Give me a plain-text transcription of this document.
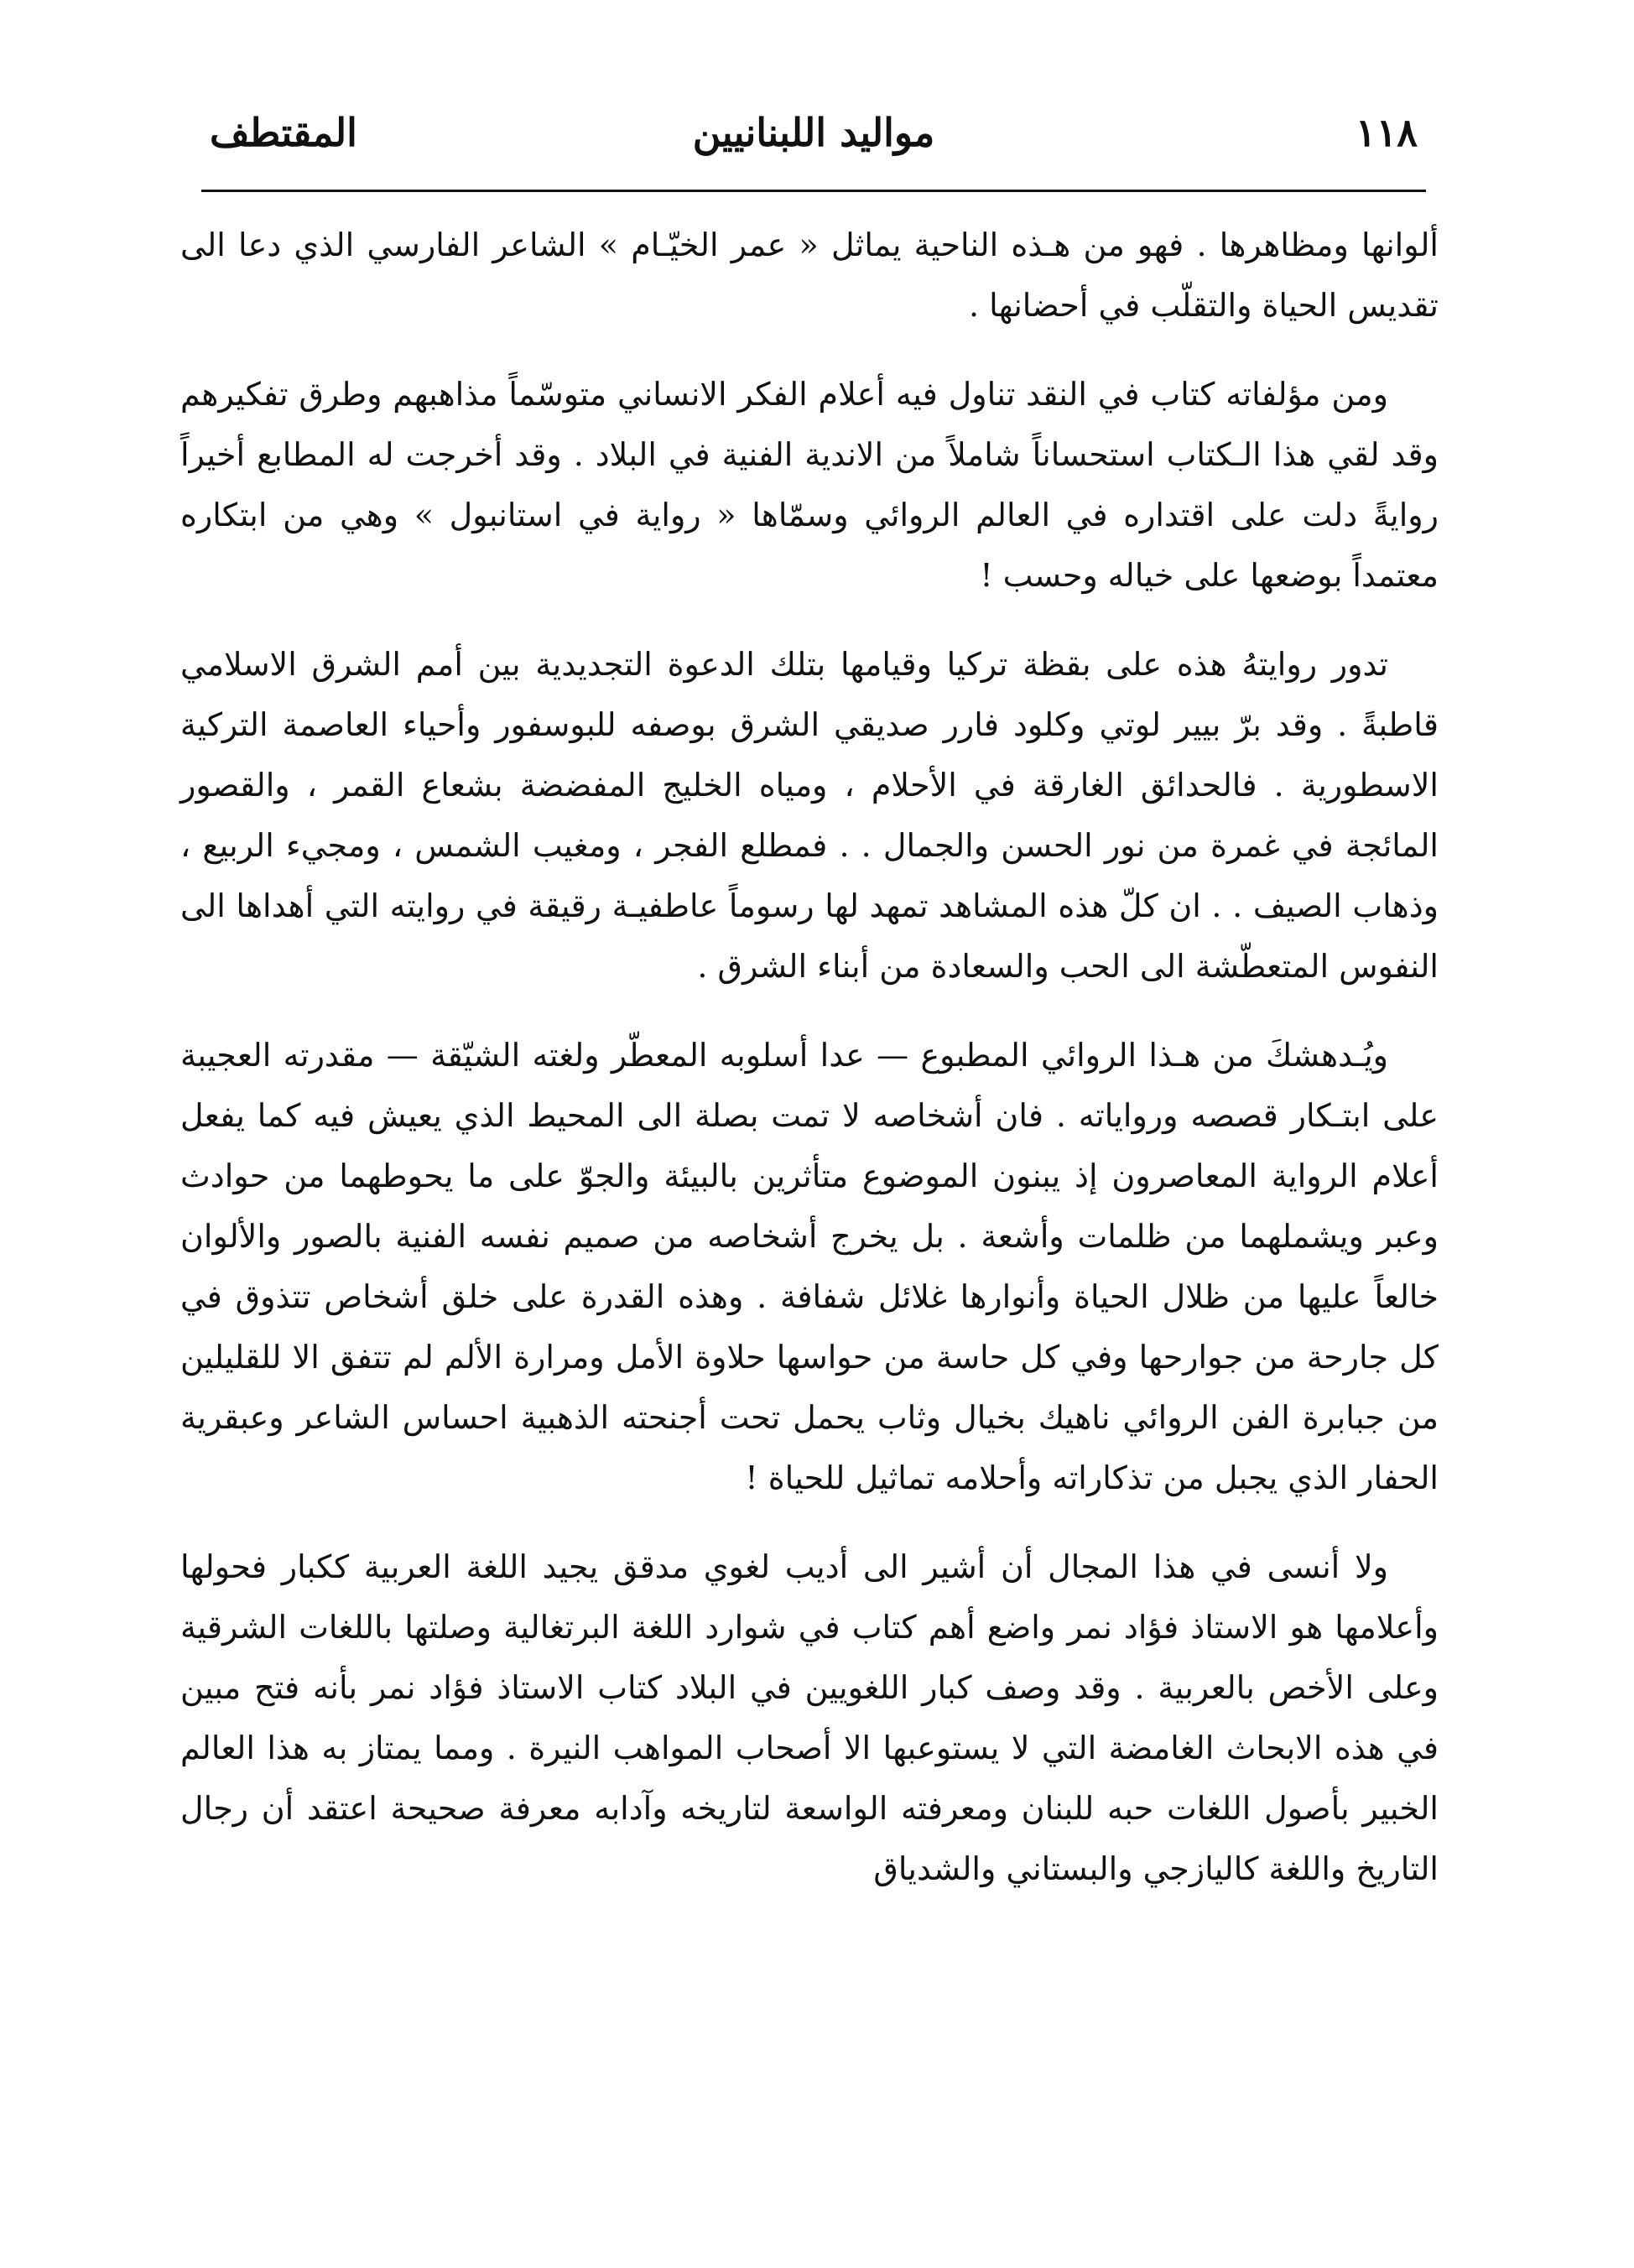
١١٨
مواليد اللبنانيين
المقتطف

ألوانها ومظاهرها . فهو من هـذه الناحية يماثل « عمر الخيّـام » الشاعر الفارسي الذي دعا الى تقديس الحياة والتقلّب في أحضانها .

ومن مؤلفاته كتاب في النقد تناول فيه أعلام الفكر الانساني متوسّماً مذاهبهم وطرق تفكيرهم وقد لقي هذا الـكتاب استحساناً شاملاً من الاندية الفنية في البلاد . وقد أخرجت له المطابع أخيراً روايةً دلت على اقتداره في العالم الروائي وسمّاها « رواية في استانبول » وهي من ابتكاره معتمداً بوضعها على خياله وحسب !

تدور روايتهُ هذه على بقظة تركيا وقيامها بتلك الدعوة التجديدية بين أمم الشرق الاسلامي قاطبةً . وقد برّ بيير لوتي وكلود فارر صديقي الشرق بوصفه للبوسفور وأحياء العاصمة التركية الاسطورية . فالحدائق الغارقة في الأحلام ، ومياه الخليج المفضضة بشعاع القمر ، والقصور المائجة في غمرة من نور الحسن والجمال . . فمطلع الفجر ، ومغيب الشمس ، ومجيء الربيع ، وذهاب الصيف . . ان كلّ هذه المشاهد تمهد لها رسوماً عاطفيـة رقيقة في روايته التي أهداها الى النفوس المتعطّشة الى الحب والسعادة من أبناء الشرق .

ويُـدهشكَ من هـذا الروائي المطبوع — عدا أسلوبه المعطّر ولغته الشيّقة — مقدرته العجيبة على ابتـكار قصصه ورواياته . فان أشخاصه لا تمت بصلة الى المحيط الذي يعيش فيه كما يفعل أعلام الرواية المعاصرون إذ يبنون الموضوع متأثرين بالبيئة والجوّ على ما يحوطهما من حوادث وعبر ويشملهما من ظلمات وأشعة . بل يخرج أشخاصه من صميم نفسه الفنية بالصور والألوان خالعاً عليها من ظلال الحياة وأنوارها غلائل شفافة . وهذه القدرة على خلق أشخاص تتذوق في كل جارحة من جوارحها وفي كل حاسة من حواسها حلاوة الأمل ومرارة الألم لم تتفق الا للقليلين من جبابرة الفن الروائي ناهيك بخيال وثاب يحمل تحت أجنحته الذهبية احساس الشاعر وعبقرية الحفار الذي يجبل من تذكاراته وأحلامه تماثيل للحياة !

ولا أنسى في هذا المجال أن أشير الى أديب لغوي مدقق يجيد اللغة العربية ككبار فحولها وأعلامها هو الاستاذ فؤاد نمر واضع أهم كتاب في شوارد اللغة البرتغالية وصلتها باللغات الشرقية وعلى الأخص بالعربية . وقد وصف كبار اللغويين في البلاد كتاب الاستاذ فؤاد نمر بأنه فتح مبين في هذه الابحاث الغامضة التي لا يستوعبها الا أصحاب المواهب النيرة . ومما يمتاز به هذا العالم الخبير بأصول اللغات حبه للبنان ومعرفته الواسعة لتاريخه وآدابه معرفة صحيحة اعتقد أن رجال التاريخ واللغة كاليازجي والبستاني والشدياق
